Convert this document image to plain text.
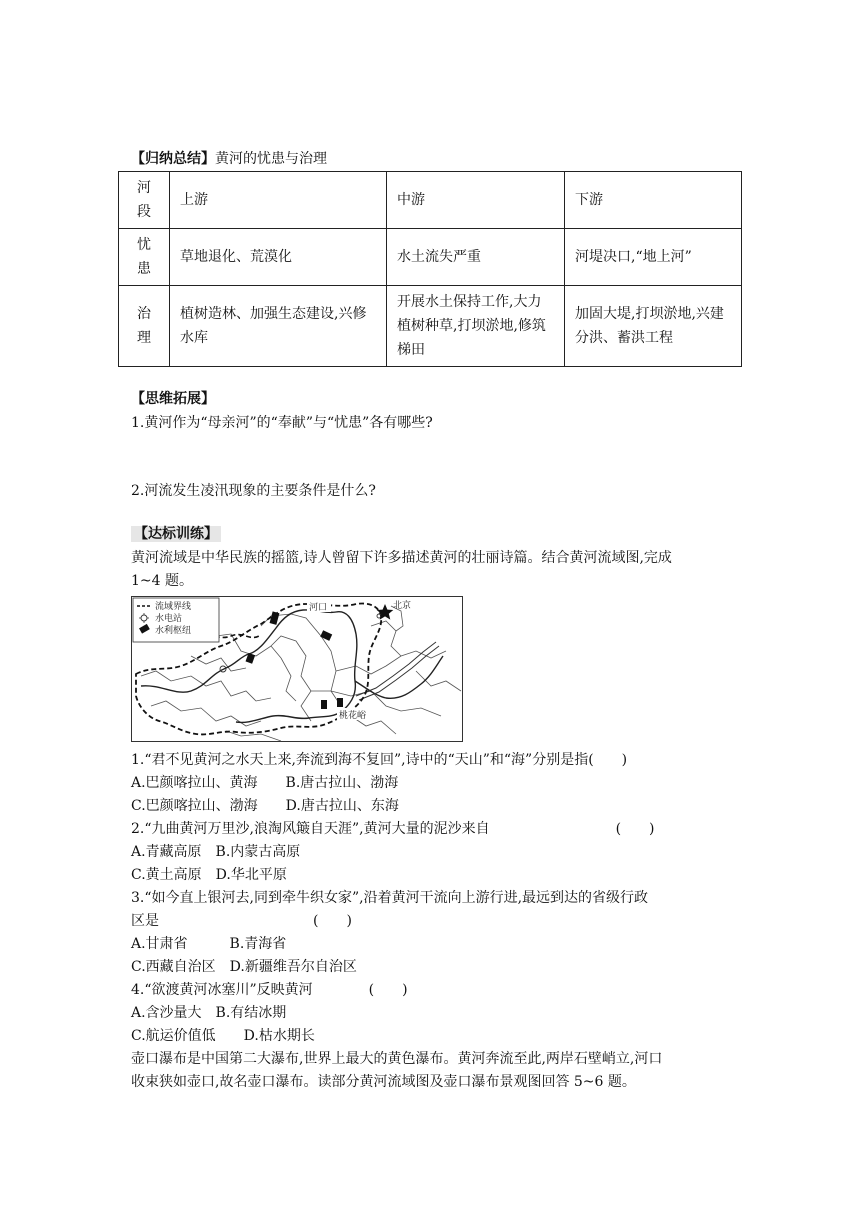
【归纳总结】黄河的忧患与治理
河段	上游	中游	下游
忧患	草地退化、荒漠化	水土流失严重	河堤决口,“地上河”
治理	植树造林、加强生态建设,兴修水库	开展水土保持工作,大力植树种草,打坝淤地,修筑梯田	加固大堤,打坝淤地,兴建分洪、蓄洪工程
【思维拓展】
1.黄河作为“母亲河”的“奉献”与“忧患”各有哪些?
2.河流发生凌汛现象的主要条件是什么?
【达标训练】
黄河流域是中华民族的摇篮,诗人曾留下许多描述黄河的壮丽诗篇。结合黄河流域图,完成
1~4 题。
流域界线
水电站
水利枢纽
河口	北京
桃花峪
1.“君不见黄河之水天上来,奔流到海不复回”,诗中的“天山”和“海”分别是指(　　)
A.巴颜喀拉山、黄海　　B.唐古拉山、渤海
C.巴颜喀拉山、渤海　　D.唐古拉山、东海
2.“九曲黄河万里沙,浪淘风簸自天涯”,黄河大量的泥沙来自　　　　　　　　　(　　)
A.青藏高原　B.内蒙古高原
C.黄土高原　D.华北平原
3.“如今直上银河去,同到牵牛织女家”,沿着黄河干流向上游行进,最远到达的省级行政
区是　　　　　　　　　　　(　　)
A.甘肃省　　　B.青海省
C.西藏自治区　D.新疆维吾尔自治区
4.“欲渡黄河冰塞川”反映黄河　　　　(　　)
A.含沙量大　B.有结冰期
C.航运价值低　　D.枯水期长
壶口瀑布是中国第二大瀑布,世界上最大的黄色瀑布。黄河奔流至此,两岸石壁峭立,河口
收束狭如壶口,故名壶口瀑布。读部分黄河流域图及壶口瀑布景观图回答 5~6 题。
